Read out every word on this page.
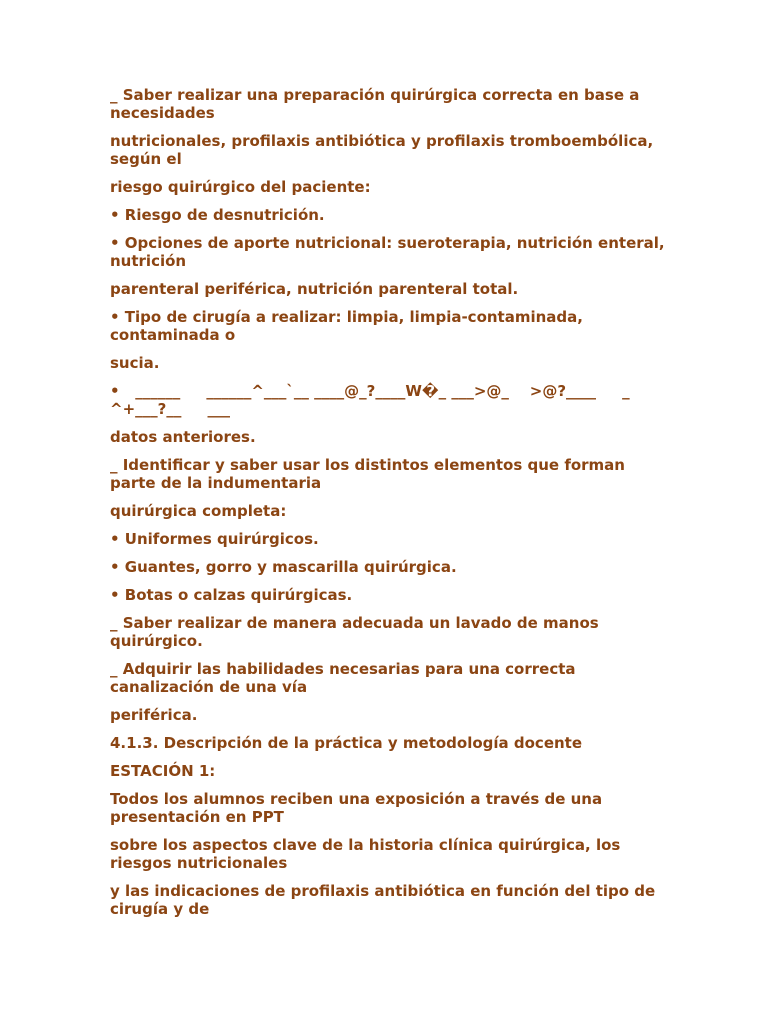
_ Saber realizar una preparación quirúrgica correcta en base a necesidades

nutricionales, profilaxis antibiótica y profilaxis tromboembólica, según el

riesgo quirúrgico del paciente:

• Riesgo de desnutrición.

• Opciones de aporte nutricional: sueroterapia, nutrición enteral, nutrición

parenteral periférica, nutrición parenteral total.

• Tipo de cirugía a realizar: limpia, limpia-contaminada, contaminada o

sucia.

•   ______     ______^___`__ ____@_?____W�_ ___>@_    >@?____     _ ^+___?__     ___

datos anteriores.

_ Identificar y saber usar los distintos elementos que forman parte de la indumentaria

quirúrgica completa:

• Uniformes quirúrgicos.

• Guantes, gorro y mascarilla quirúrgica.

• Botas o calzas quirúrgicas.

_ Saber realizar de manera adecuada un lavado de manos quirúrgico.

_ Adquirir las habilidades necesarias para una correcta canalización de una vía

periférica.

4.1.3. Descripción de la práctica y metodología docente

ESTACIÓN 1:

Todos los alumnos reciben una exposición a través de una presentación en PPT

sobre los aspectos clave de la historia clínica quirúrgica, los riesgos nutricionales

y las indicaciones de profilaxis antibiótica en función del tipo de cirugía y de
